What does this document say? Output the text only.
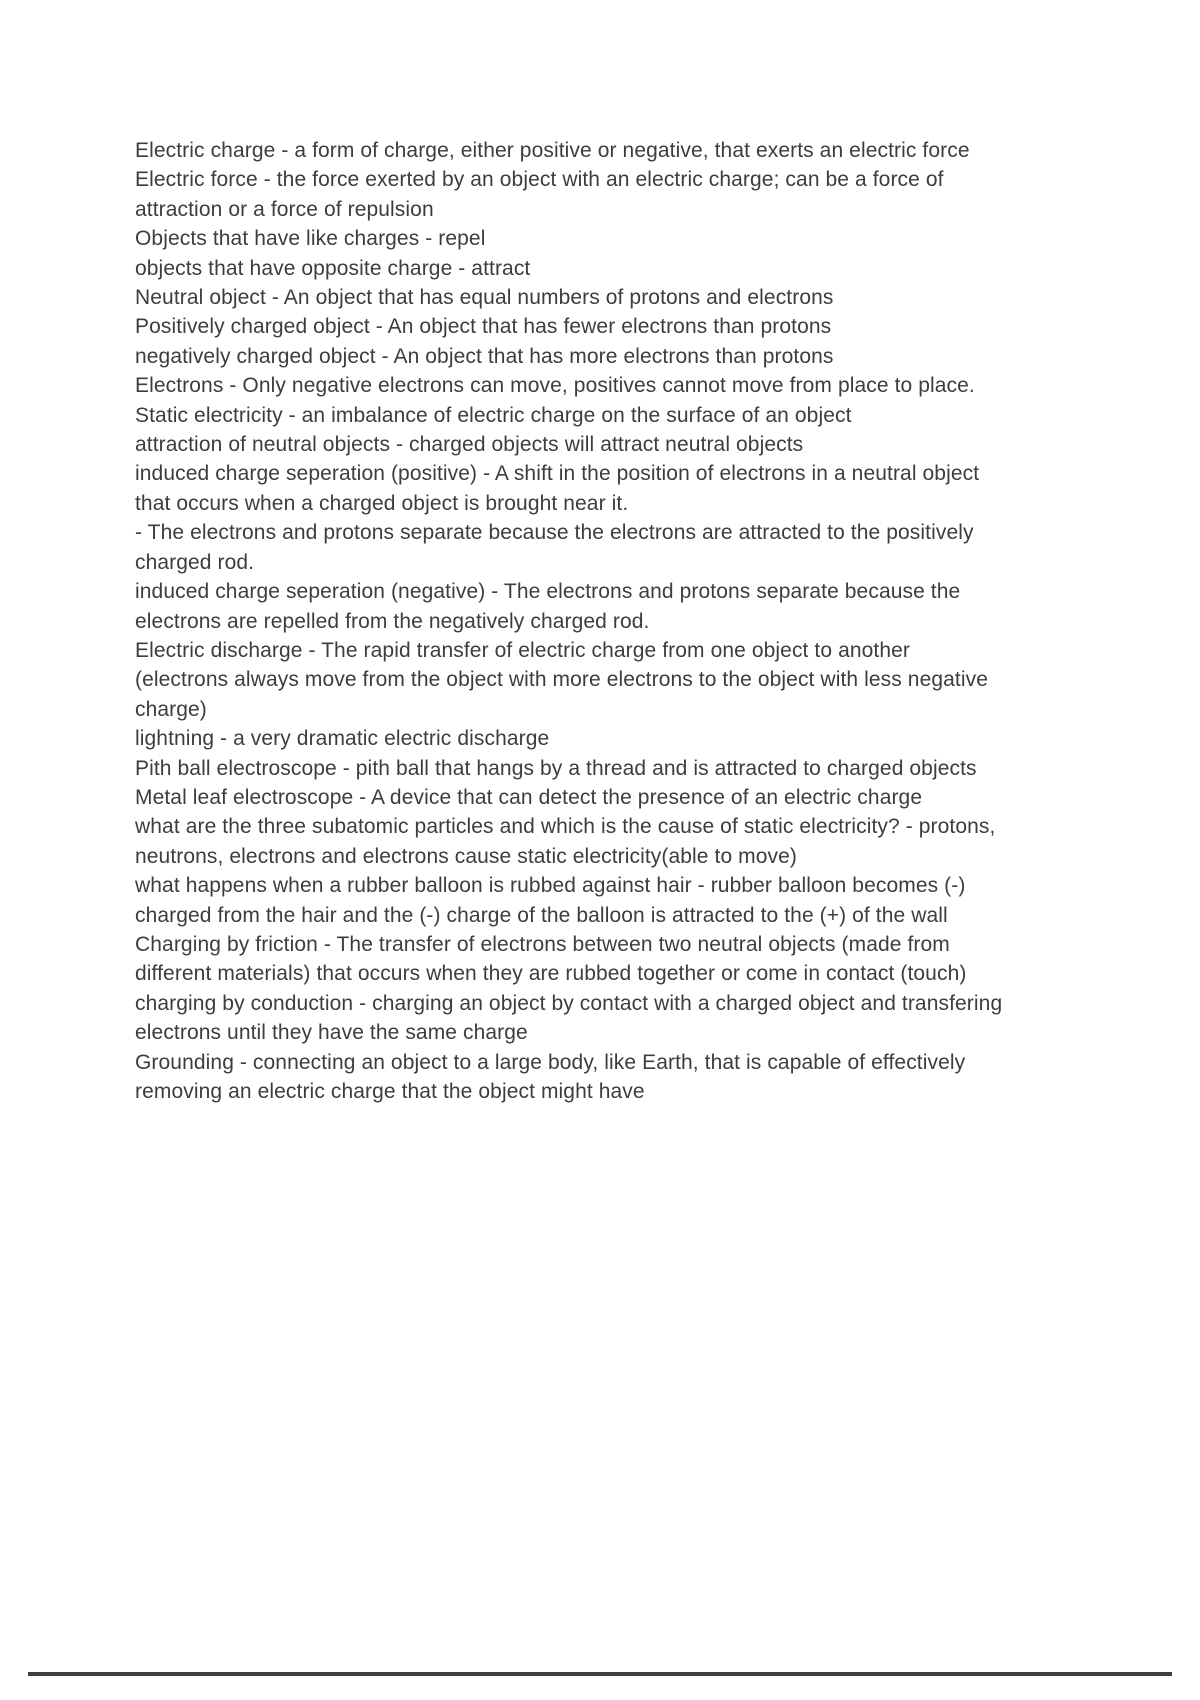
Electric charge - a form of charge, either positive or negative, that exerts an electric force

Electric force - the force exerted by an object with an electric charge; can be a force of attraction or a force of repulsion

Objects that have like charges - repel

objects that have opposite charge - attract

Neutral object - An object that has equal numbers of protons and electrons

Positively charged object - An object that has fewer electrons than protons

negatively charged object - An object that has more electrons than protons

Electrons - Only negative electrons can move, positives cannot move from place to place.

Static electricity - an imbalance of electric charge on the surface of an object

attraction of neutral objects - charged objects will attract neutral objects

induced charge seperation (positive) - A shift in the position of electrons in a neutral object that occurs when a charged object is brought near it.

- The electrons and protons separate because the electrons are attracted to the positively charged rod.

induced charge seperation (negative) - The electrons and protons separate because the electrons are repelled from the negatively charged rod.

Electric discharge - The rapid transfer of electric charge from one object to another (electrons always move from the object with more electrons to the object with less negative charge)

lightning - a very dramatic electric discharge

Pith ball electroscope - pith ball that hangs by a thread and is attracted to charged objects

Metal leaf electroscope - A device that can detect the presence of an electric charge

what are the three subatomic particles and which is the cause of static electricity? - protons, neutrons, electrons and electrons cause static electricity(able to move)

what happens when a rubber balloon is rubbed against hair - rubber balloon becomes (-) charged from the hair and the (-) charge of the balloon is attracted to the (+) of the wall

Charging by friction - The transfer of electrons between two neutral objects (made from different materials) that occurs when they are rubbed together or come in contact (touch)

charging by conduction - charging an object by contact with a charged object and transfering electrons until they have the same charge

Grounding - connecting an object to a large body, like Earth, that is capable of effectively removing an electric charge that the object might have
